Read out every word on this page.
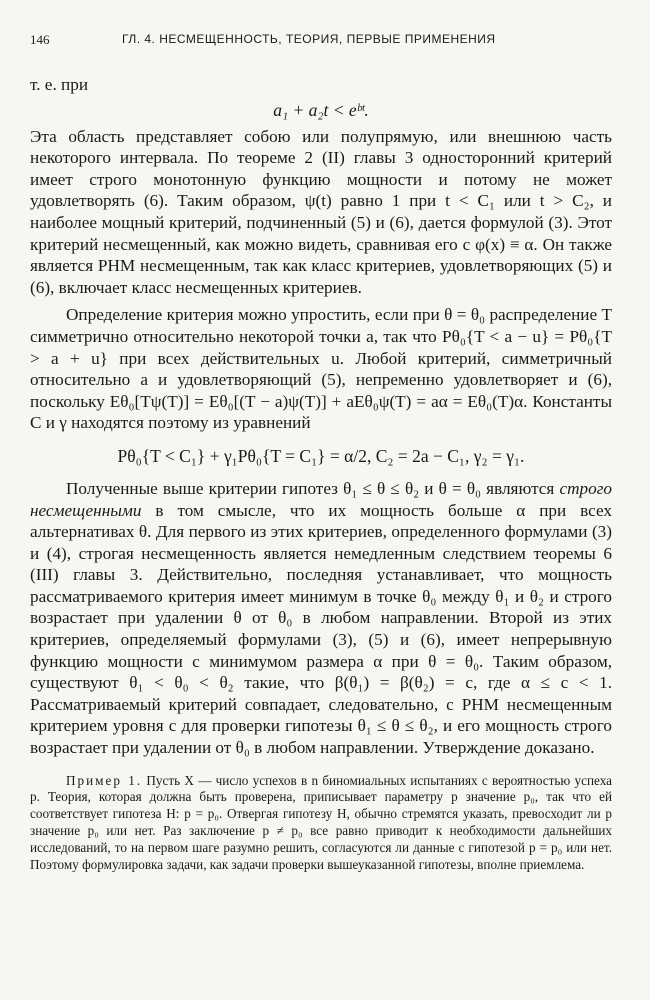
146	ГЛ. 4. НЕСМЕЩЕННОСТЬ, ТЕОРИЯ, ПЕРВЫЕ ПРИМЕНЕНИЯ

т. е. при

a₁ + a₂t < eᵇᵗ.

Эта область представляет собою или полупрямую, или внешнюю часть некоторого интервала. По теореме 2 (II) главы 3 односторонний критерий имеет строго монотонную функцию мощности и потому не может удовлетворять (6). Таким образом, ψ(t) равно 1 при t < C₁ или t > C₂, и наиболее мощный критерий, подчиненный (5) и (6), дается формулой (3). Этот критерий несмещенный, как можно видеть, сравнивая его с φ(x) ≡ α. Он также является РНМ несмещенным, так как класс критериев, удовлетворяющих (5) и (6), включает класс несмещенных критериев.

Определение критерия можно упростить, если при θ = θ₀ распределение T симметрично относительно некоторой точки a, так что Pθ₀{T < a − u} = Pθ₀{T > a + u} при всех действительных u. Любой критерий, симметричный относительно a и удовлетворяющий (5), непременно удовлетворяет и (6), поскольку Eθ₀[Tψ(T)] = Eθ₀[(T − a)ψ(T)] + aEθ₀ψ(T) = aα = Eθ₀(T)α. Константы C и γ находятся поэтому из уравнений

Pθ₀{T < C₁} + γ₁Pθ₀{T = C₁} = α/2, C₂ = 2a − C₁, γ₂ = γ₁.

Полученные выше критерии гипотез θ₁ ≤ θ ≤ θ₂ и θ = θ₀ являются строго несмещенными в том смысле, что их мощность больше α при всех альтернативах θ. Для первого из этих критериев, определенного формулами (3) и (4), строгая несмещенность является немедленным следствием теоремы 6 (III) главы 3. Действительно, последняя устанавливает, что мощность рассматриваемого критерия имеет минимум в точке θ₀ между θ₁ и θ₂ и строго возрастает при удалении θ от θ₀ в любом направлении. Второй из этих критериев, определяемый формулами (3), (5) и (6), имеет непрерывную функцию мощности с минимумом размера α при θ = θ₀. Таким образом, существуют θ₁ < θ₀ < θ₂ такие, что β(θ₁) = β(θ₂) = c, где α ≤ c < 1. Рассматриваемый критерий совпадает, следовательно, с РНМ несмещенным критерием уровня c для проверки гипотезы θ₁ ≤ θ ≤ θ₂, и его мощность строго возрастает при удалении от θ₀ в любом направлении. Утверждение доказано.

Пример 1. Пусть X — число успехов в n биномиальных испытаниях с вероятностью успеха p. Теория, которая должна быть проверена, приписывает параметру p значение p₀, так что ей соответствует гипотеза H: p = p₀. Отвергая гипотезу H, обычно стремятся указать, превосходит ли p значение p₀ или нет. Раз заключение p ≠ p₀ все равно приводит к необходимости дальнейших исследований, то на первом шаге разумно решить, согласуются ли данные с гипотезой p = p₀ или нет. Поэтому формулировка задачи, как задачи проверки вышеуказанной гипотезы, вполне приемлема.
